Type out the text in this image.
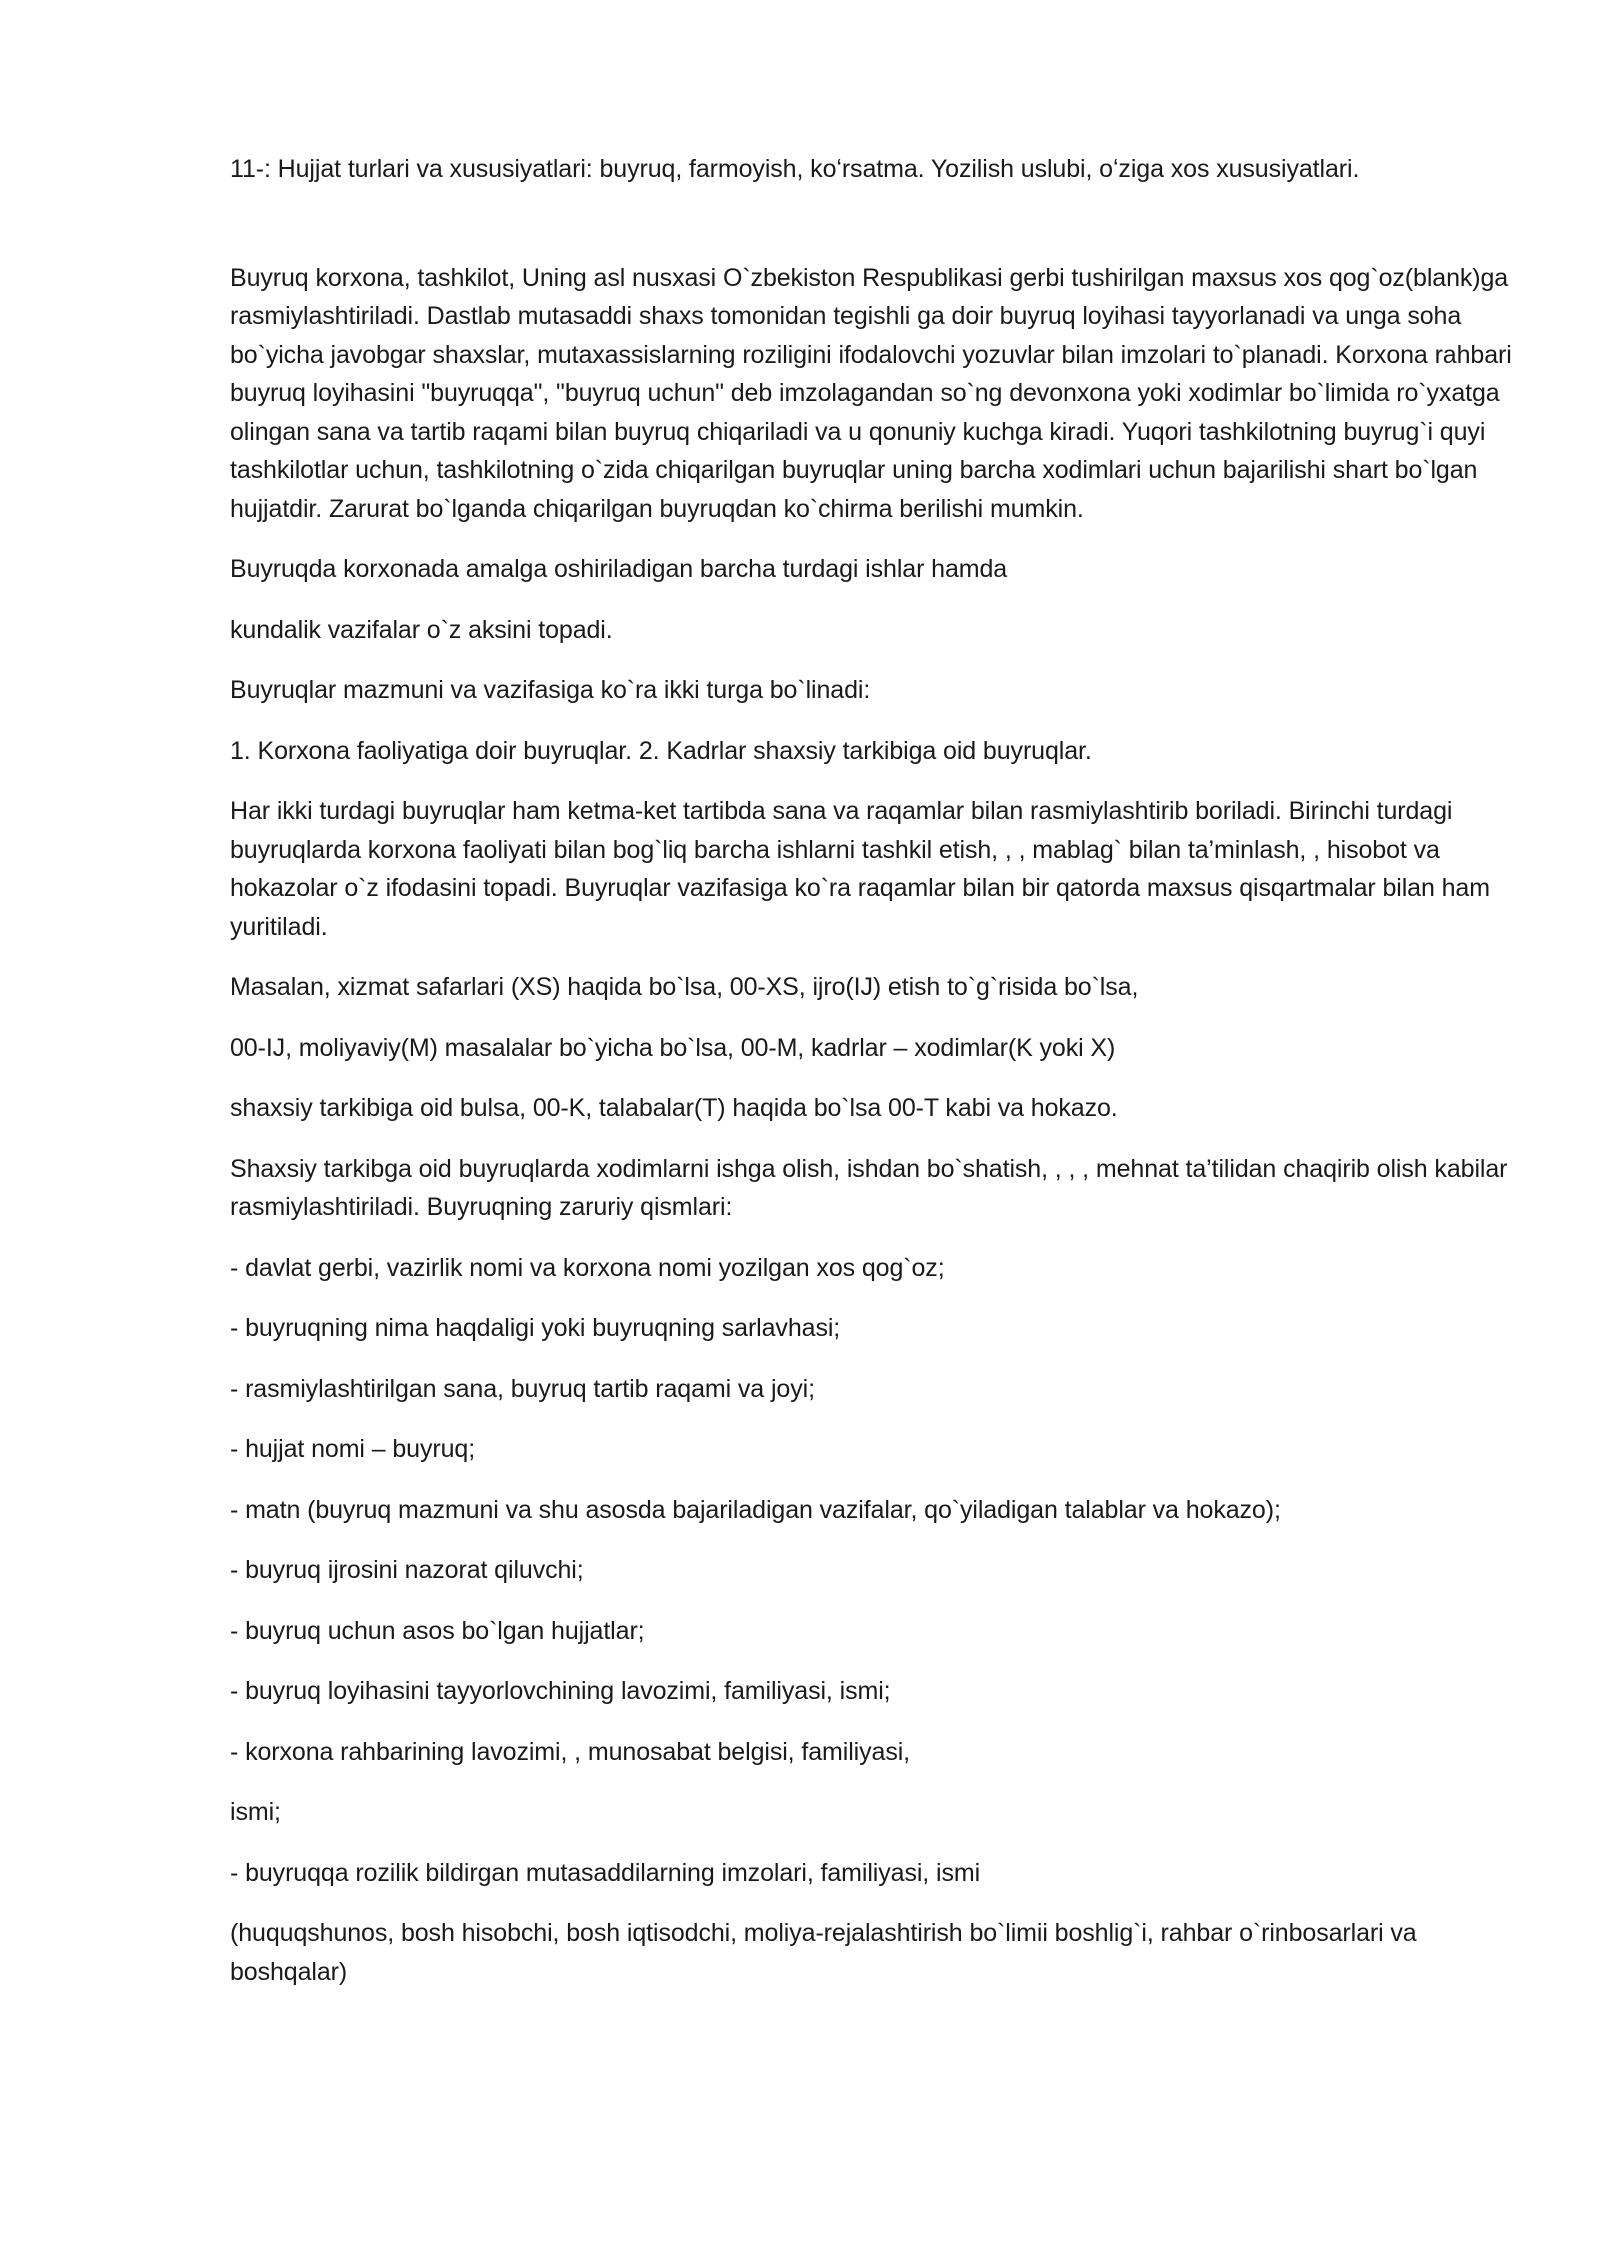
11-: Hujjat turlari va xususiyatlari: buyruq, farmoyish, koʻrsatma. Yozilish uslubi, oʻziga xos xususiyatlari.

Buyruq korxona, tashkilot, Uning asl nusxasi O`zbekiston Respublikasi gerbi tushirilgan maxsus xos qog`oz(blank)ga rasmiylashtiriladi. Dastlab mutasaddi shaxs tomonidan tegishli ga doir buyruq loyihasi tayyorlanadi va unga soha bo`yicha javobgar shaxslar, mutaxassislarning roziligini ifodalovchi yozuvlar bilan imzolari to`planadi. Korxona rahbari buyruq loyihasini "buyruqqa", "buyruq uchun" deb imzolagandan so`ng devonxona yoki xodimlar bo`limida ro`yxatga olingan sana va tartib raqami bilan buyruq chiqariladi va u qonuniy kuchga kiradi. Yuqori tashkilotning buyrug`i quyi tashkilotlar uchun, tashkilotning o`zida chiqarilgan buyruqlar uning barcha xodimlari uchun bajarilishi shart bo`lgan hujjatdir. Zarurat bo`lganda chiqarilgan buyruqdan ko`chirma berilishi mumkin.

Buyruqda korxonada amalga oshiriladigan barcha turdagi ishlar hamda

kundalik vazifalar o`z aksini topadi.

Buyruqlar mazmuni va vazifasiga ko`ra ikki turga bo`linadi:

1. Korxona faoliyatiga doir buyruqlar. 2. Kadrlar shaxsiy tarkibiga oid buyruqlar.

Har ikki turdagi buyruqlar ham ketma-ket tartibda sana va raqamlar bilan rasmiylashtirib boriladi. Birinchi turdagi buyruqlarda korxona faoliyati bilan bog`liq barcha ishlarni tashkil etish, , , mablag` bilan ta’minlash, , hisobot va hokazolar o`z ifodasini topadi. Buyruqlar vazifasiga ko`ra raqamlar bilan bir qatorda maxsus qisqartmalar bilan ham yuritiladi.

Masalan, xizmat safarlari (XS) haqida bo`lsa, 00-XS, ijro(IJ) etish to`g`risida bo`lsa,

00-IJ, moliyaviy(M) masalalar bo`yicha bo`lsa, 00-M, kadrlar – xodimlar(K yoki X)

shaxsiy tarkibiga oid bulsa, 00-K, talabalar(T) haqida bo`lsa 00-T kabi va hokazo.

Shaxsiy tarkibga oid buyruqlarda xodimlarni ishga olish, ishdan bo`shatish, , , , mehnat ta’tilidan chaqirib olish kabilar rasmiylashtiriladi. Buyruqning zaruriy qismlari:

- davlat gerbi, vazirlik nomi va korxona nomi yozilgan xos qog`oz;

- buyruqning nima haqdaligi yoki buyruqning sarlavhasi;

- rasmiylashtirilgan sana, buyruq tartib raqami va joyi;

- hujjat nomi – buyruq;

- matn (buyruq mazmuni va shu asosda bajariladigan vazifalar, qo`yiladigan talablar va hokazo);

- buyruq ijrosini nazorat qiluvchi;

- buyruq uchun asos bo`lgan hujjatlar;

- buyruq loyihasini tayyorlovchining lavozimi, familiyasi, ismi;

- korxona rahbarining lavozimi, , munosabat belgisi, familiyasi,

ismi;

- buyruqqa rozilik bildirgan mutasaddilarning imzolari, familiyasi, ismi

(huquqshunos, bosh hisobchi, bosh iqtisodchi, moliya-rejalashtirish bo`limii boshlig`i, rahbar o`rinbosarlari va boshqalar)
